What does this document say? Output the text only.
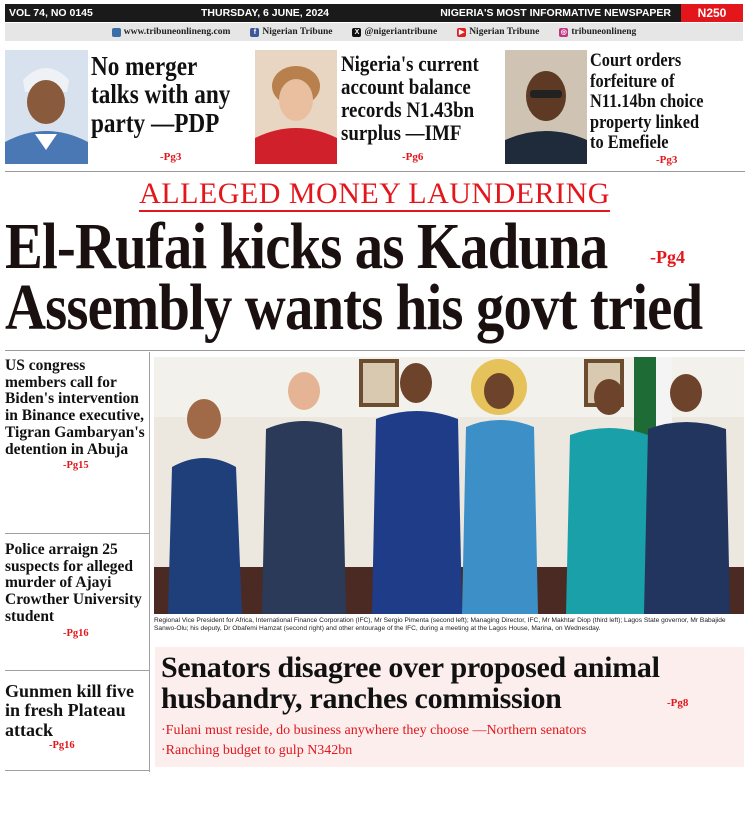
VOL 74, NO 0145	THURSDAY, 6 JUNE, 2024	NIGERIA'S MOST INFORMATIVE NEWSPAPER	N250
www.tribuneonlineng.com	f Nigerian Tribune	X @nigeriantribune	▶ Nigerian Tribune	◎ tribuneonlineng
No merger
talks with any
party —PDP
-Pg3
Nigeria's current
account balance
records N1.43bn
surplus —IMF
-Pg6
Court orders
forfeiture of
N11.14bn choice
property linked
to Emefiele
-Pg3
ALLEGED MONEY LAUNDERING
El-Rufai kicks as Kaduna -Pg4
Assembly wants his govt tried
US congress members call for Biden's intervention in Binance executive, Tigran Gambaryan's detention in Abuja
-Pg15
Police arraign 25 suspects for alleged murder of Ajayi Crowther University student
-Pg16
Gunmen kill five in fresh Plateau attack
-Pg16
Regional Vice President for Africa, International Finance Corporation (IFC), Mr Sergio Pimenta (second left); Managing Director, IFC, Mr Makhtar Diop (third left); Lagos State governor, Mr Babajide Sanwo-Olu; his deputy, Dr Obafemi Hamzat (second right) and other entourage of the IFC, during a meeting at the Lagos House, Marina, on Wednesday.
Senators disagree over proposed animal husbandry, ranches commission	-Pg8
·Fulani must reside, do business anywhere they choose —Northern senators
·Ranching budget to gulp N342bn
